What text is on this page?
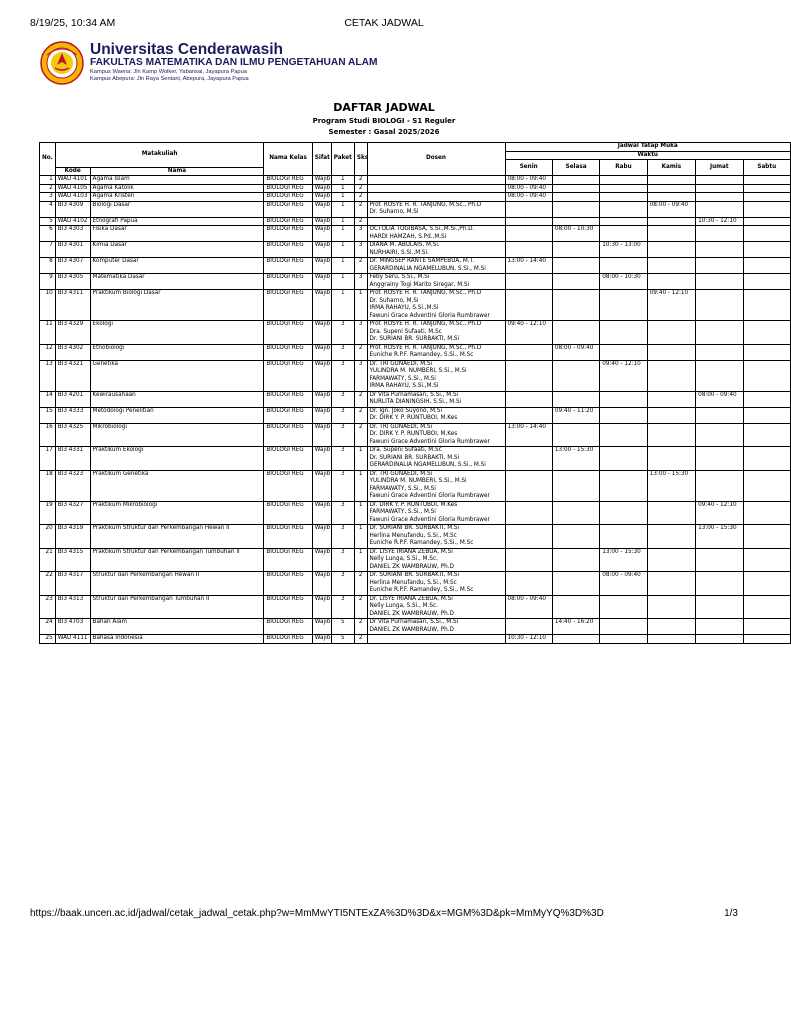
8/19/25, 10:34 AM	CETAK JADWAL
Universitas Cenderawasih
FAKULTAS MATEMATIKA DAN ILMU PENGETAHUAN ALAM
Kampus Waena: Jln Kamp Wolker, Yabansai, Jayapura Papua
Kampus Abepura: Jln Raya Sentani, Abepura, Jayapura Papua
DAFTAR JADWAL
Program Studi BIOLOGI - S1 Reguler
Semester : Gasal 2025/2026
No.	Matakuliah		Nama Kelas	Sifat	Paket	Sks	Dosen	Jadwal Tatap Muka					
								Waktu					
								Senin	Selasa	Rabu	Kamis	Jumat	Sabtu
	Kode	Nama											
1	WAU 4101	Agama Islam	BIOLOGI REG	Wajib	1	2		08:00 - 09:40					
2	WAU 4105	Agama Katolik	BIOLOGI REG	Wajib	1	2		08:00 - 09:40					
3	WAU 4103	Agama Kristen	BIOLOGI REG	Wajib	1	2		08:00 - 09:40					
4	BI3 4309	Biologi Dasar	BIOLOGI REG	Wajib	1	2	Prof. ROSYE H. R. TANJUNG, M.Sc., Ph.D
Dr. Suharno, M.Si				08:00 - 09:40		
5	WAU 4102	Etnografi Papua	BIOLOGI REG	Wajib	1	2						10:30 - 12:10	
6	BI3 4303	Fisika Dasar	BIOLOGI REG	Wajib	1	3	OCTOLIA TOGIBASA, S.Si.,M.Si.,Ph.D.
HARDI HAMZAH, S.Pd.,M.Si		08:00 - 10:30				
7	BI3 4301	Kimia Dasar	BIOLOGI REG	Wajib	1	3	DIANA M. ABULAIS, M.Si.
NURHAIRI, S.Si.,M.Si.			10:30 - 13:00			
8	BI3 4307	Komputer Dasar	BIOLOGI REG	Wajib	1	2	Dr. MINGSEP RANTE SAMPEBUA, M.T.
GERARDINALIA NGAMELUBUN, S.Si., M.Si	13:00 - 14:40					
9	BI3 4305	Matematika Dasar	BIOLOGI REG	Wajib	1	3	Feby Seru, S.Si., M.Si
Anggrainy Togi Marito Siregar, M.Si			08:00 - 10:30			
10	BI3 4311	Praktikum Biologi Dasar	BIOLOGI REG	Wajib	1	1	Prof. ROSYE H. R. TANJUNG, M.Sc., Ph.D
Dr. Suharno, M.Si
IRMA RAHAYU, S.Si.,M.Si
Fawuni Grace Adventini Gloria Rumbrawer				09:40 - 12:10		
11	BI3 4329	Ekologi	BIOLOGI REG	Wajib	3	3	Prof. ROSYE H. R. TANJUNG, M.Sc., Ph.D
Dra. Supeni Sufaati, M.Sc
Dr. SURIANI BR. SURBAKTI, M.Si	09:40 - 12:10					
12	BI3 4302	Etnobiologi	BIOLOGI REG	Wajib	3	2	Prof. ROSYE H. R. TANJUNG, M.Sc., Ph.D
Euniche R.P.F. Ramandey, S.Si., M.Sc		08:00 - 09:40				
13	BI3 4321	Genetika	BIOLOGI REG	Wajib	3	3	Dr. TRI GUNAEDI, M.Si
YULINDRA M. NUMBERI, S.Si., M.Si
FARMAWATY, S.Si., M.Si
IRMA RAHAYU, S.Si.,M.Si			09:40 - 12:10			
14	BI3 4201	Kewirausahaan	BIOLOGI REG	Wajib	3	2	Dr Vita Purnamasari, S.Si., M.Si
NURLITA DIANINGSIH, S.Si., M.Si					08:00 - 09:40	
15	BI3 4333	Metodologi Penelitian	BIOLOGI REG	Wajib	3	2	Dr. Ign. Joko Suyono, M.Si
Dr. DIRK Y. P. RUNTUBOI, M.Kes		09:40 - 11:20				
16	BI3 4325	Mikrobiologi	BIOLOGI REG	Wajib	3	2	Dr. TRI GUNAEDI, M.Si
Dr. DIRK Y. P. RUNTUBOI, M.Kes
Fawuni Grace Adventini Gloria Rumbrawer	13:00 - 14:40					
17	BI3 4331	Praktikum Ekologi	BIOLOGI REG	Wajib	3	1	Dra. Supeni Sufaati, M.Sc
Dr. SURIANI BR. SURBAKTI, M.Si
GERARDINALIA NGAMELUBUN, S.Si., M.Si		13:00 - 15:30				
18	BI3 4323	Praktikum Genetika	BIOLOGI REG	Wajib	3	1	Dr. TRI GUNAEDI, M.Si
YULINDRA M. NUMBERI, S.Si., M.Si
FARMAWATY, S.Si., M.Si
Fawuni Grace Adventini Gloria Rumbrawer				13:00 - 15:30		
19	BI3 4327	Praktikum Mikrobiologi	BIOLOGI REG	Wajib	3	1	Dr. DIRK Y. P. RUNTUBOI, M.Kes
FARMAWATY, S.Si., M.Si
Fawuni Grace Adventini Gloria Rumbrawer					09:40 - 12:10	
20	BI3 4319	Praktikum Struktur dan Perkembangan Hewan II	BIOLOGI REG	Wajib	3	1	Dr. SURIANI BR. SURBAKTI, M.Si
Herlina Menufandu, S.Si., M.Sc
Euniche R.P.F. Ramandey, S.Si., M.Sc					13:00 - 15:30	
21	BI3 4315	Praktikum Struktur dan Perkembangan Tumbuhan II	BIOLOGI REG	Wajib	3	1	Dr. LISYE IRIANA ZEBUA, M.Si
Nelly Lunga, S.Si., M.Sc.
DANIEL ZK WAMBRAUW, Ph.D			13:00 - 15:30			
22	BI3 4317	Struktur dan Perkembangan Hewan II	BIOLOGI REG	Wajib	3	2	Dr. SURIANI BR. SURBAKTI, M.Si
Herlina Menufandu, S.Si., M.Sc
Euniche R.P.F. Ramandey, S.Si., M.Sc			08:00 - 09:40			
23	BI3 4313	Struktur dan Perkembangan Tumbuhan II	BIOLOGI REG	Wajib	3	2	Dr. LISYE IRIANA ZEBUA, M.Si
Nelly Lunga, S.Si., M.Sc.
DANIEL ZK WAMBRAUW, Ph.D	08:00 - 09:40					
24	BI3 4703	Bahan Alam	BIOLOGI REG	Wajib	5	2	Dr Vita Purnamasari, S.Si., M.Si
DANIEL ZK WAMBRAUW, Ph.D		14:40 - 16:20				
25	WAU 4111	Bahasa Indonesia	BIOLOGI REG	Wajib	5	2		10:30 - 12:10					
https://baak.uncen.ac.id/jadwal/cetak_jadwal_cetak.php?w=MmMwYTI5NTExZA%3D%3D&x=MGM%3D&pk=MmMyYQ%3D%3D	1/3
